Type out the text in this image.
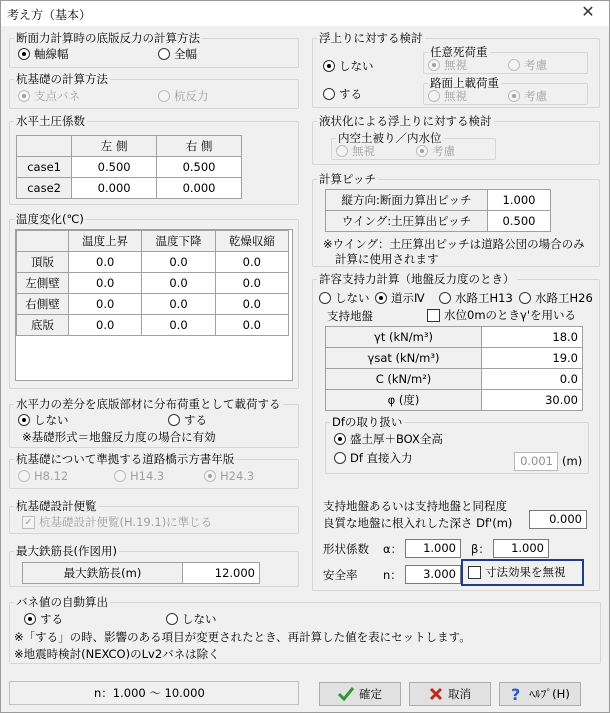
考え方（基本）	✕
断面力計算時の底版反力の計算方法
軸線幅	全幅
杭基礎の計算方法
支点バネ	杭反力
水平土圧係数
	左 側	右 側
case1	0.500	0.500
case2	0.000	0.000
温度変化(℃)
	温度上昇	温度下降	乾燥収縮
頂版	0.0	0.0	0.0
左側壁	0.0	0.0	0.0
右側壁	0.0	0.0	0.0
底版	0.0	0.0	0.0
水平力の差分を底版部材に分布荷重として載荷する
しない	する
※基礎形式＝地盤反力度の場合に有効
杭基礎について準拠する道路橋示方書年版
H8.12	H14.3	H24.3
杭基礎設計便覧
✓ 杭基礎設計便覧(H.19.1)に準じる
最大鉄筋長(作図用)
最大鉄筋長(m)	12.000
バネ値の自動算出
する	しない
※「する」の時、影響のある項目が変更されたとき、再計算した値を表にセットします。
※地震時検討(NEXCO)のLv2バネは除く
浮上りに対する検討
しない
する
任意死荷重
無視	考慮
路面上載荷重
無視	考慮
液状化による浮上りに対する検討
内空土被り／内水位
無視	考慮
計算ピッチ
縦方向:断面力算出ピッチ	1.000
ウイング:土圧算出ピッチ	0.500
※ウイング：土圧算出ピッチは道路公団の場合のみ
計算に使用されます
許容支持力計算（地盤反力度のとき）
しない 道示Ⅳ	水路工H13 水路工H26
支持地盤	水位0mのときγ'を用いる
γt (kN/m³)	18.0
γsat (kN/m³)	19.0
C (kN/m²)	0.0
φ (度)	30.00
Dfの取り扱い
盛土厚＋BOX全高
Df 直接入力	0.001 (m)
支持地盤あるいは支持地盤と同程度
良質な地盤に根入れした深さ Df'(m)	0.000
形状係数 α：	1.000	β：	1.000
安全率 n：	3.000	寸法効果を無視
n：1.000 ～ 10.000	確定	取消	? ﾍﾙﾌﾟ(H)
